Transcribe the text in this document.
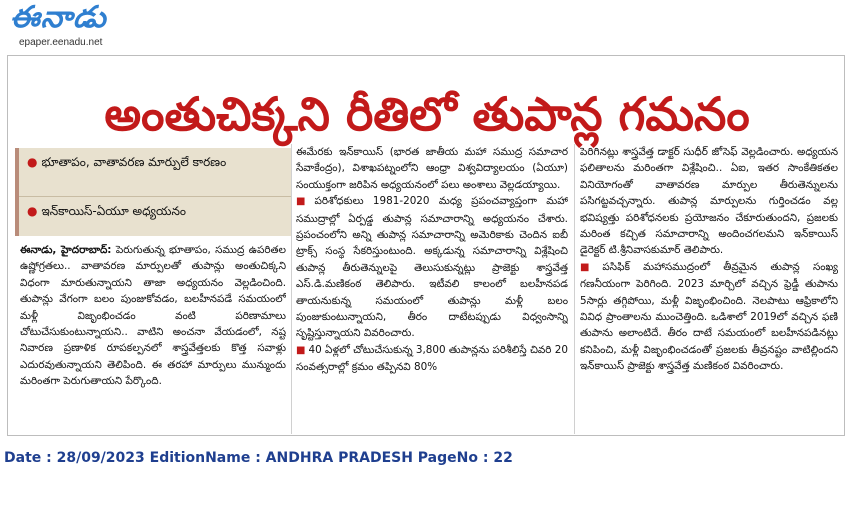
ఈనాడు
epaper.eenadu.net
అంతుచిక్కని రీతిలో తుపాన్ల గమనం
● భూతాపం, వాతావరణ మార్పులే కారణం
● ఇన్‌కాయిస్‌-ఏయూ అధ్యయనం
ఈనాడు, హైదరాబాద్‌: పెరుగుతున్న భూతాపం, సముద్ర ఉపరితల ఉష్ణోగ్రతలు.. వాతావరణ మార్పులతో తుపాన్లు అంతుచిక్కని విధంగా మారుతున్నాయని తాజా అధ్యయనం వెల్లడించింది. తుపాన్లు వేగంగా బలం పుంజుకోవడం, బలహీనపడే సమయంలో మళ్లీ విజృంభించడం వంటి పరిణామాలు చోటుచేసుకుంటున్నాయని.. వాటిని అంచనా వేయడంలో, నష్ట నివారణ ప్రణాళిక రూపకల్పనలో శాస్త్రవేత్తలకు కొత్త సవాళ్లు ఎదురవుతున్నాయని తెలిపింది. ఈ తరహా మార్పులు మున్ముందు మరింతగా పెరుగుతాయని పేర్కొంది.
ఈమేరకు ఇన్‌కాయిస్‌ (భారత జాతీయ మహా సముద్ర సమాచార సేవాకేంద్రం), విశాఖపట్నంలోని ఆంధ్రా విశ్వవిద్యాలయం (ఏయూ) సంయుక్తంగా జరిపిన అధ్యయనంలో పలు అంశాలు వెల్లడయ్యాయి.
■ పరిశోధకులు 1981-2020 మధ్య ప్రపంచవ్యాప్తంగా మహా సముద్రాల్లో ఏర్పడ్డ తుపాన్ల సమాచారాన్ని అధ్యయనం చేశారు. ప్రపంచంలోని అన్ని తుపాన్ల సమాచారాన్ని అమెరికాకు చెందిన ఐబీ ట్రాక్స్‌ సంస్థ సేకరిస్తుంటుంది. అక్కడున్న సమాచారాన్ని విశ్లేషించి తుపాన్ల తీరుతెన్నులపై తెలుసుకున్నట్లు ప్రాజెక్టు శాస్త్రవేత్త ఎస్‌.డి.మణికంఠ తెలిపారు. ఇటీవలి కాలంలో బలహీనపడ తాయనుకున్న సమయంలో తుపాన్లు మళ్లీ బలం పుంజుకుంటున్నాయని, తీరం దాటేటప్పుడు విధ్వంసాన్ని సృష్టిస్తున్నాయని వివరించారు.
■ 40 ఏళ్లలో చోటుచేసుకున్న 3,800 తుపాన్లను పరిశీలిస్తే చివరి 20 సంవత్సరాల్లో క్రమం తప్పినవి 80%
పెరిగినట్లు శాస్త్రవేత్త డాక్టర్‌ సుధీర్‌ జోసెఫ్‌ వెల్లడించారు. అధ్యయన ఫలితాలను మరింతగా విశ్లేషించి.. ఏఐ, ఇతర సాంకేతికతల వినియోగంతో వాతావరణ మార్పుల తీరుతెన్నులను పసిగట్టవచ్చన్నారు. తుపాన్ల మార్పులను గుర్తించడం వల్ల భవిష్యత్తు పరిశోధనలకు ప్రయోజనం చేకూరుతుందని, ప్రజలకు మరింత కచ్చిత సమాచారాన్ని అందించగలమని ఇన్‌కాయిస్‌ డైరెక్టర్‌ టి.శ్రీనివాసకుమార్‌ తెలిపారు.
■ పసిఫిక్‌ మహాసముద్రంలో తీవ్రమైన తుపాన్ల సంఖ్య గణనీయంగా పెరిగింది. 2023 మార్చిలో వచ్చిన ఫ్రెడ్డీ తుపాను 5సార్లు తగ్గిపోయి, మళ్లీ విజృంభించింది. నెలపాటు ఆఫ్రికాలోని వివిధ ప్రాంతాలను ముంచెత్తింది. ఒడిశాలో 2019లో వచ్చిన ఫణి తుపాను అలాంటిదే. తీరం దాటే సమయంలో బలహీనపడినట్లు కనిపించి, మళ్లీ విజృంభించడంతో ప్రజలకు తీవ్రనష్టం వాటిల్లిందని ఇన్‌కాయిస్‌ ప్రాజెక్టు శాస్త్రవేత్త మణికంఠ వివరించారు.
Date : 28/09/2023 EditionName : ANDHRA PRADESH PageNo : 22
